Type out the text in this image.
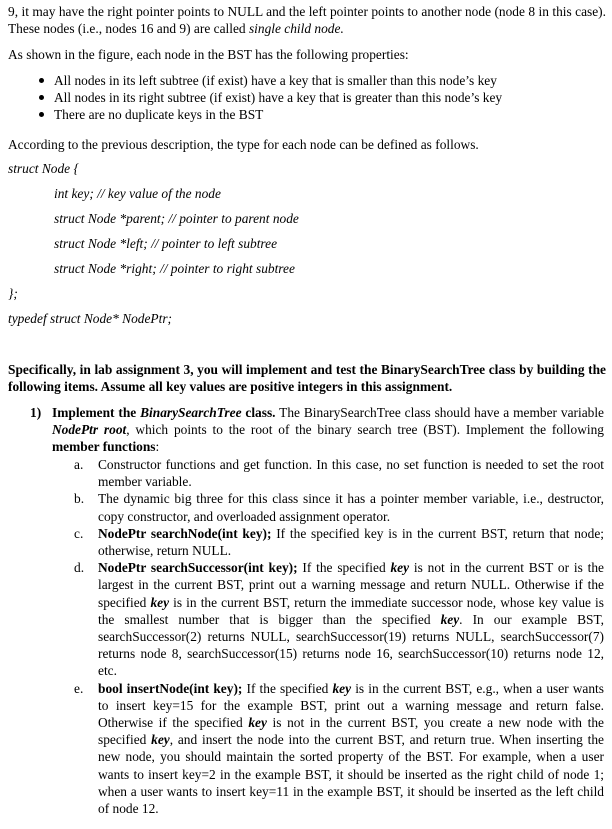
9, it may have the right pointer points to NULL and the left pointer points to another node (node 8 in this case). These nodes (i.e., nodes 16 and 9) are called single child node.

As shown in the figure, each node in the BST has the following properties:

All nodes in its left subtree (if exist) have a key that is smaller than this node’s key
All nodes in its right subtree (if exist) have a key that is greater than this node’s key
There are no duplicate keys in the BST

According to the previous description, the type for each node can be defined as follows.

struct Node {
int key; // key value of the node
struct Node *parent; // pointer to parent node
struct Node *left; // pointer to left subtree
struct Node *right; // pointer to right subtree
};
typedef struct Node* NodePtr;

Specifically, in lab assignment 3, you will implement and test the BinarySearchTree class by building the following items. Assume all key values are positive integers in this assignment.

1) Implement the BinarySearchTree class. The BinarySearchTree class should have a member variable NodePtr root, which points to the root of the binary search tree (BST). Implement the following member functions:

a. Constructor functions and get function. In this case, no set function is needed to set the root member variable.

b. The dynamic big three for this class since it has a pointer member variable, i.e., destructor, copy constructor, and overloaded assignment operator.

c. NodePtr searchNode(int key); If the specified key is in the current BST, return that node; otherwise, return NULL.

d. NodePtr searchSuccessor(int key); If the specified key is not in the current BST or is the largest in the current BST, print out a warning message and return NULL. Otherwise if the specified key is in the current BST, return the immediate successor node, whose key value is the smallest number that is bigger than the specified key. In our example BST, searchSuccessor(2) returns NULL, searchSuccessor(19) returns NULL, searchSuccessor(7) returns node 8, searchSuccessor(15) returns node 16, searchSuccessor(10) returns node 12, etc.

e. bool insertNode(int key); If the specified key is in the current BST, e.g., when a user wants to insert key=15 for the example BST, print out a warning message and return false. Otherwise if the specified key is not in the current BST, you create a new node with the specified key, and insert the node into the current BST, and return true. When inserting the new node, you should maintain the sorted property of the BST. For example, when a user wants to insert key=2 in the example BST, it should be inserted as the right child of node 1; when a user wants to insert key=11 in the example BST, it should be inserted as the left child of node 12.
